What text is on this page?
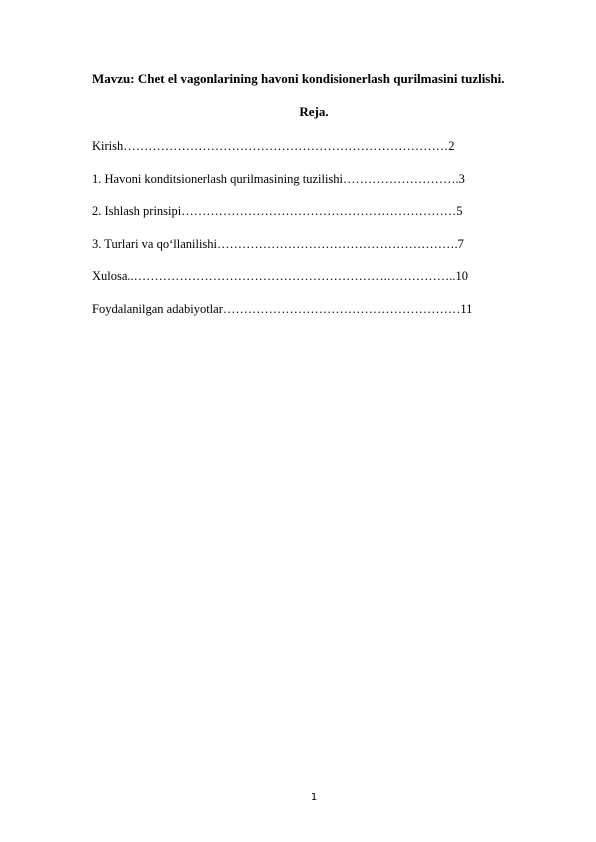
Mavzu: Chet el vagonlarining havoni kondisionerlash qurilmasini tuzlishi.
Reja.
Kirish……………………………………………………………………2
1. Havoni konditsionerlash qurilmasining tuzilishi……………………….3
2. Ishlash prinsipi…………………………………………………………5
3. Turlari va qo‘llanilishi………………………………………………….7
Xulosa..…………………………………………………….……………..10
Foydalanilgan adabiyotlar…………………………………………………11
1
